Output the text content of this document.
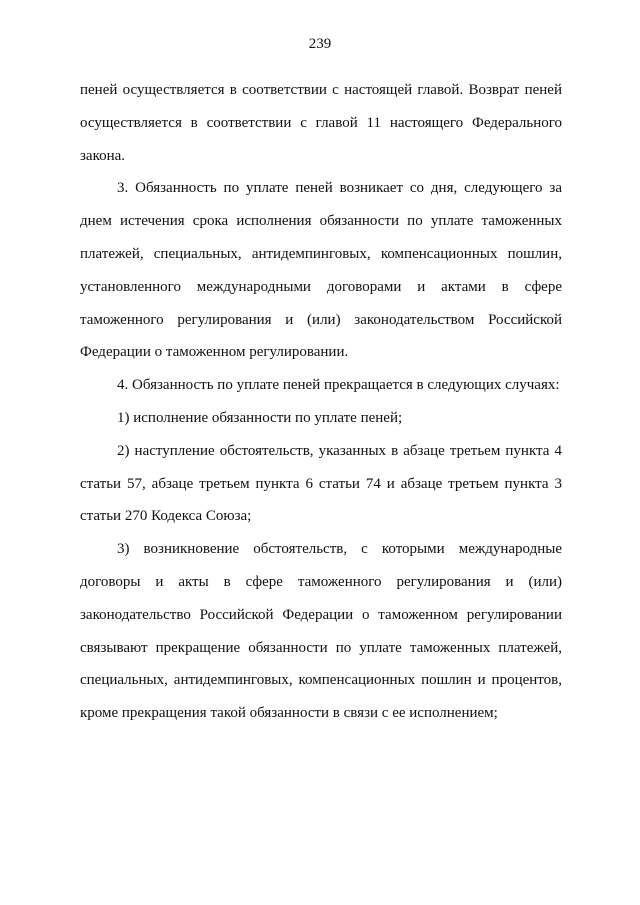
239

пеней осуществляется в соответствии с настоящей главой. Возврат пеней
осуществляется в соответствии с главой 11 настоящего Федерального
закона.

3. Обязанность по уплате пеней возникает со дня, следующего за
днем истечения срока исполнения обязанности по уплате таможенных
платежей, специальных, антидемпинговых, компенсационных пошлин,
установленного международными договорами и актами в сфере
таможенного регулирования и (или) законодательством Российской
Федерации о таможенном регулировании.

4. Обязанность по уплате пеней прекращается в следующих случаях:

1) исполнение обязанности по уплате пеней;

2) наступление обстоятельств, указанных в абзаце третьем пункта 4
статьи 57, абзаце третьем пункта 6 статьи 74 и абзаце третьем пункта 3
статьи 270 Кодекса Союза;

3) возникновение обстоятельств, с которыми международные
договоры и акты в сфере таможенного регулирования и (или)
законодательство Российской Федерации о таможенном регулировании
связывают прекращение обязанности по уплате таможенных платежей,
специальных, антидемпинговых, компенсационных пошлин и процентов,
кроме прекращения такой обязанности в связи с ее исполнением;
